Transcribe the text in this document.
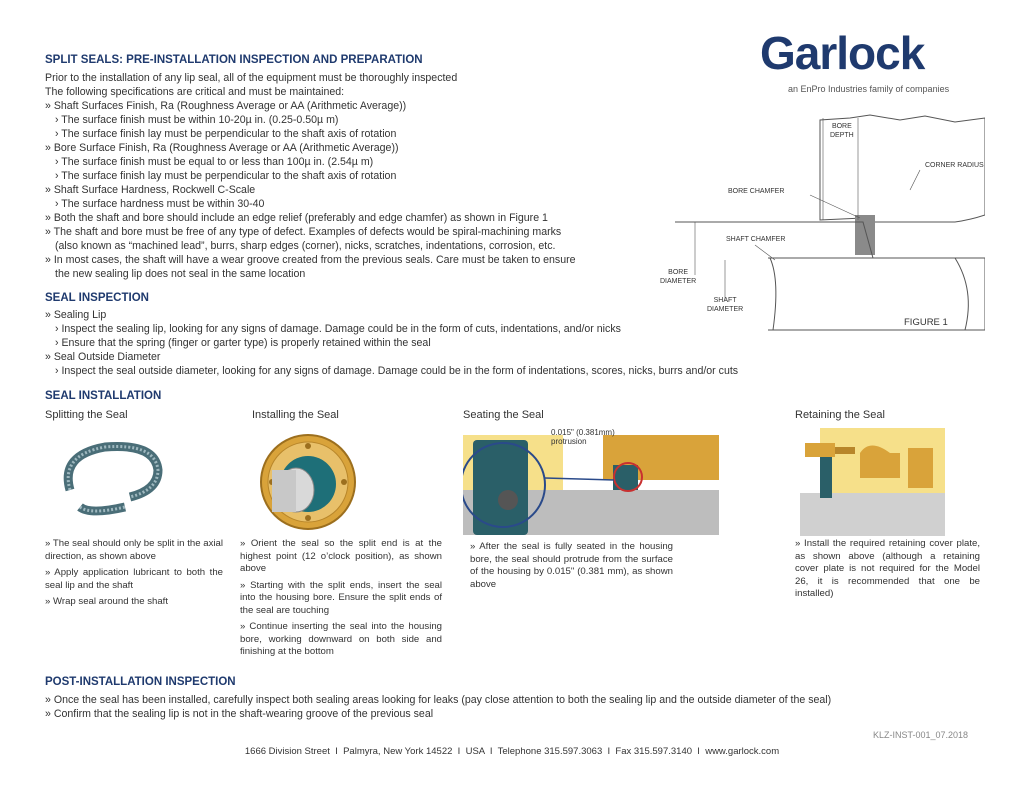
Garlock
an EnPro Industries family of companies
SPLIT SEALS: PRE-INSTALLATION INSPECTION AND PREPARATION
Prior to the installation of any lip seal, all of the equipment must be thoroughly inspected
The following specifications are critical and must be maintained:
» Shaft Surfaces Finish, Ra (Roughness Average or AA (Arithmetic Average))
› The surface finish must be within 10-20µ in. (0.25-0.50µ m)
› The surface finish lay must be perpendicular to the shaft axis of rotation
» Bore Surface Finish, Ra (Roughness Average or AA (Arithmetic Average))
› The surface finish must be equal to or less than 100µ in. (2.54µ m)
› The surface finish lay must be perpendicular to the shaft axis of rotation
» Shaft Surface Hardness, Rockwell C-Scale
› The surface hardness must be within 30-40
» Both the shaft and bore should include an edge relief (preferably and edge chamfer) as shown in Figure 1
» The shaft and bore must be free of any type of defect. Examples of defects would be spiral-machining marks
(also known as “machined lead”, burrs, sharp edges (corner), nicks, scratches, indentations, corrosion, etc.
» In most cases, the shaft will have a wear groove created from the previous seals. Care must be taken to ensure
the new sealing lip does not seal in the same location
BORE
DEPTH
CORNER RADIUS
BORE CHAMFER
SHAFT CHAMFER
BORE
DIAMETER
SHAFT
DIAMETER
FIGURE 1
SEAL INSPECTION
» Sealing Lip
› Inspect the sealing lip, looking for any signs of damage. Damage could be in the form of cuts, indentations, and/or nicks
› Ensure that the spring (finger or garter type) is properly retained within the seal
» Seal Outside Diameter
› Inspect the seal outside diameter, looking for any signs of damage. Damage could be in the form of indentations, scores, nicks, burrs and/or cuts
SEAL INSTALLATION
Splitting the Seal	Installing the Seal	Seating the Seal	Retaining the Seal
0.015" (0.381mm)
protrusion
» The seal should only be split in the axial direction, as shown above
» Apply application lubricant to both the seal lip and the shaft
» Wrap seal around the shaft
» Orient the seal so the split end is at the highest point (12 o’clock position), as shown above
» Starting with the split ends, insert the seal into the housing bore. Ensure the split ends of the seal are touching
» Continue inserting the seal into the housing bore, working downward on both side and finishing at the bottom
» After the seal is fully seated in the housing bore, the seal should protrude from the surface of the housing by 0.015" (0.381 mm), as shown above
» Install the required retaining cover plate, as shown above (although a retaining cover plate is not required for the Model 26, it is recommended that one be installed)
POST-INSTALLATION INSPECTION
» Once the seal has been installed, carefully inspect both sealing areas looking for leaks (pay close attention to both the sealing lip and the outside diameter of the seal)
» Confirm that the sealing lip is not in the shaft-wearing groove of the previous seal
KLZ-INST-001_07.2018
1666 Division Street  I  Palmyra, New York 14522  I  USA  I  Telephone 315.597.3063  I  Fax 315.597.3140  I  www.garlock.com
